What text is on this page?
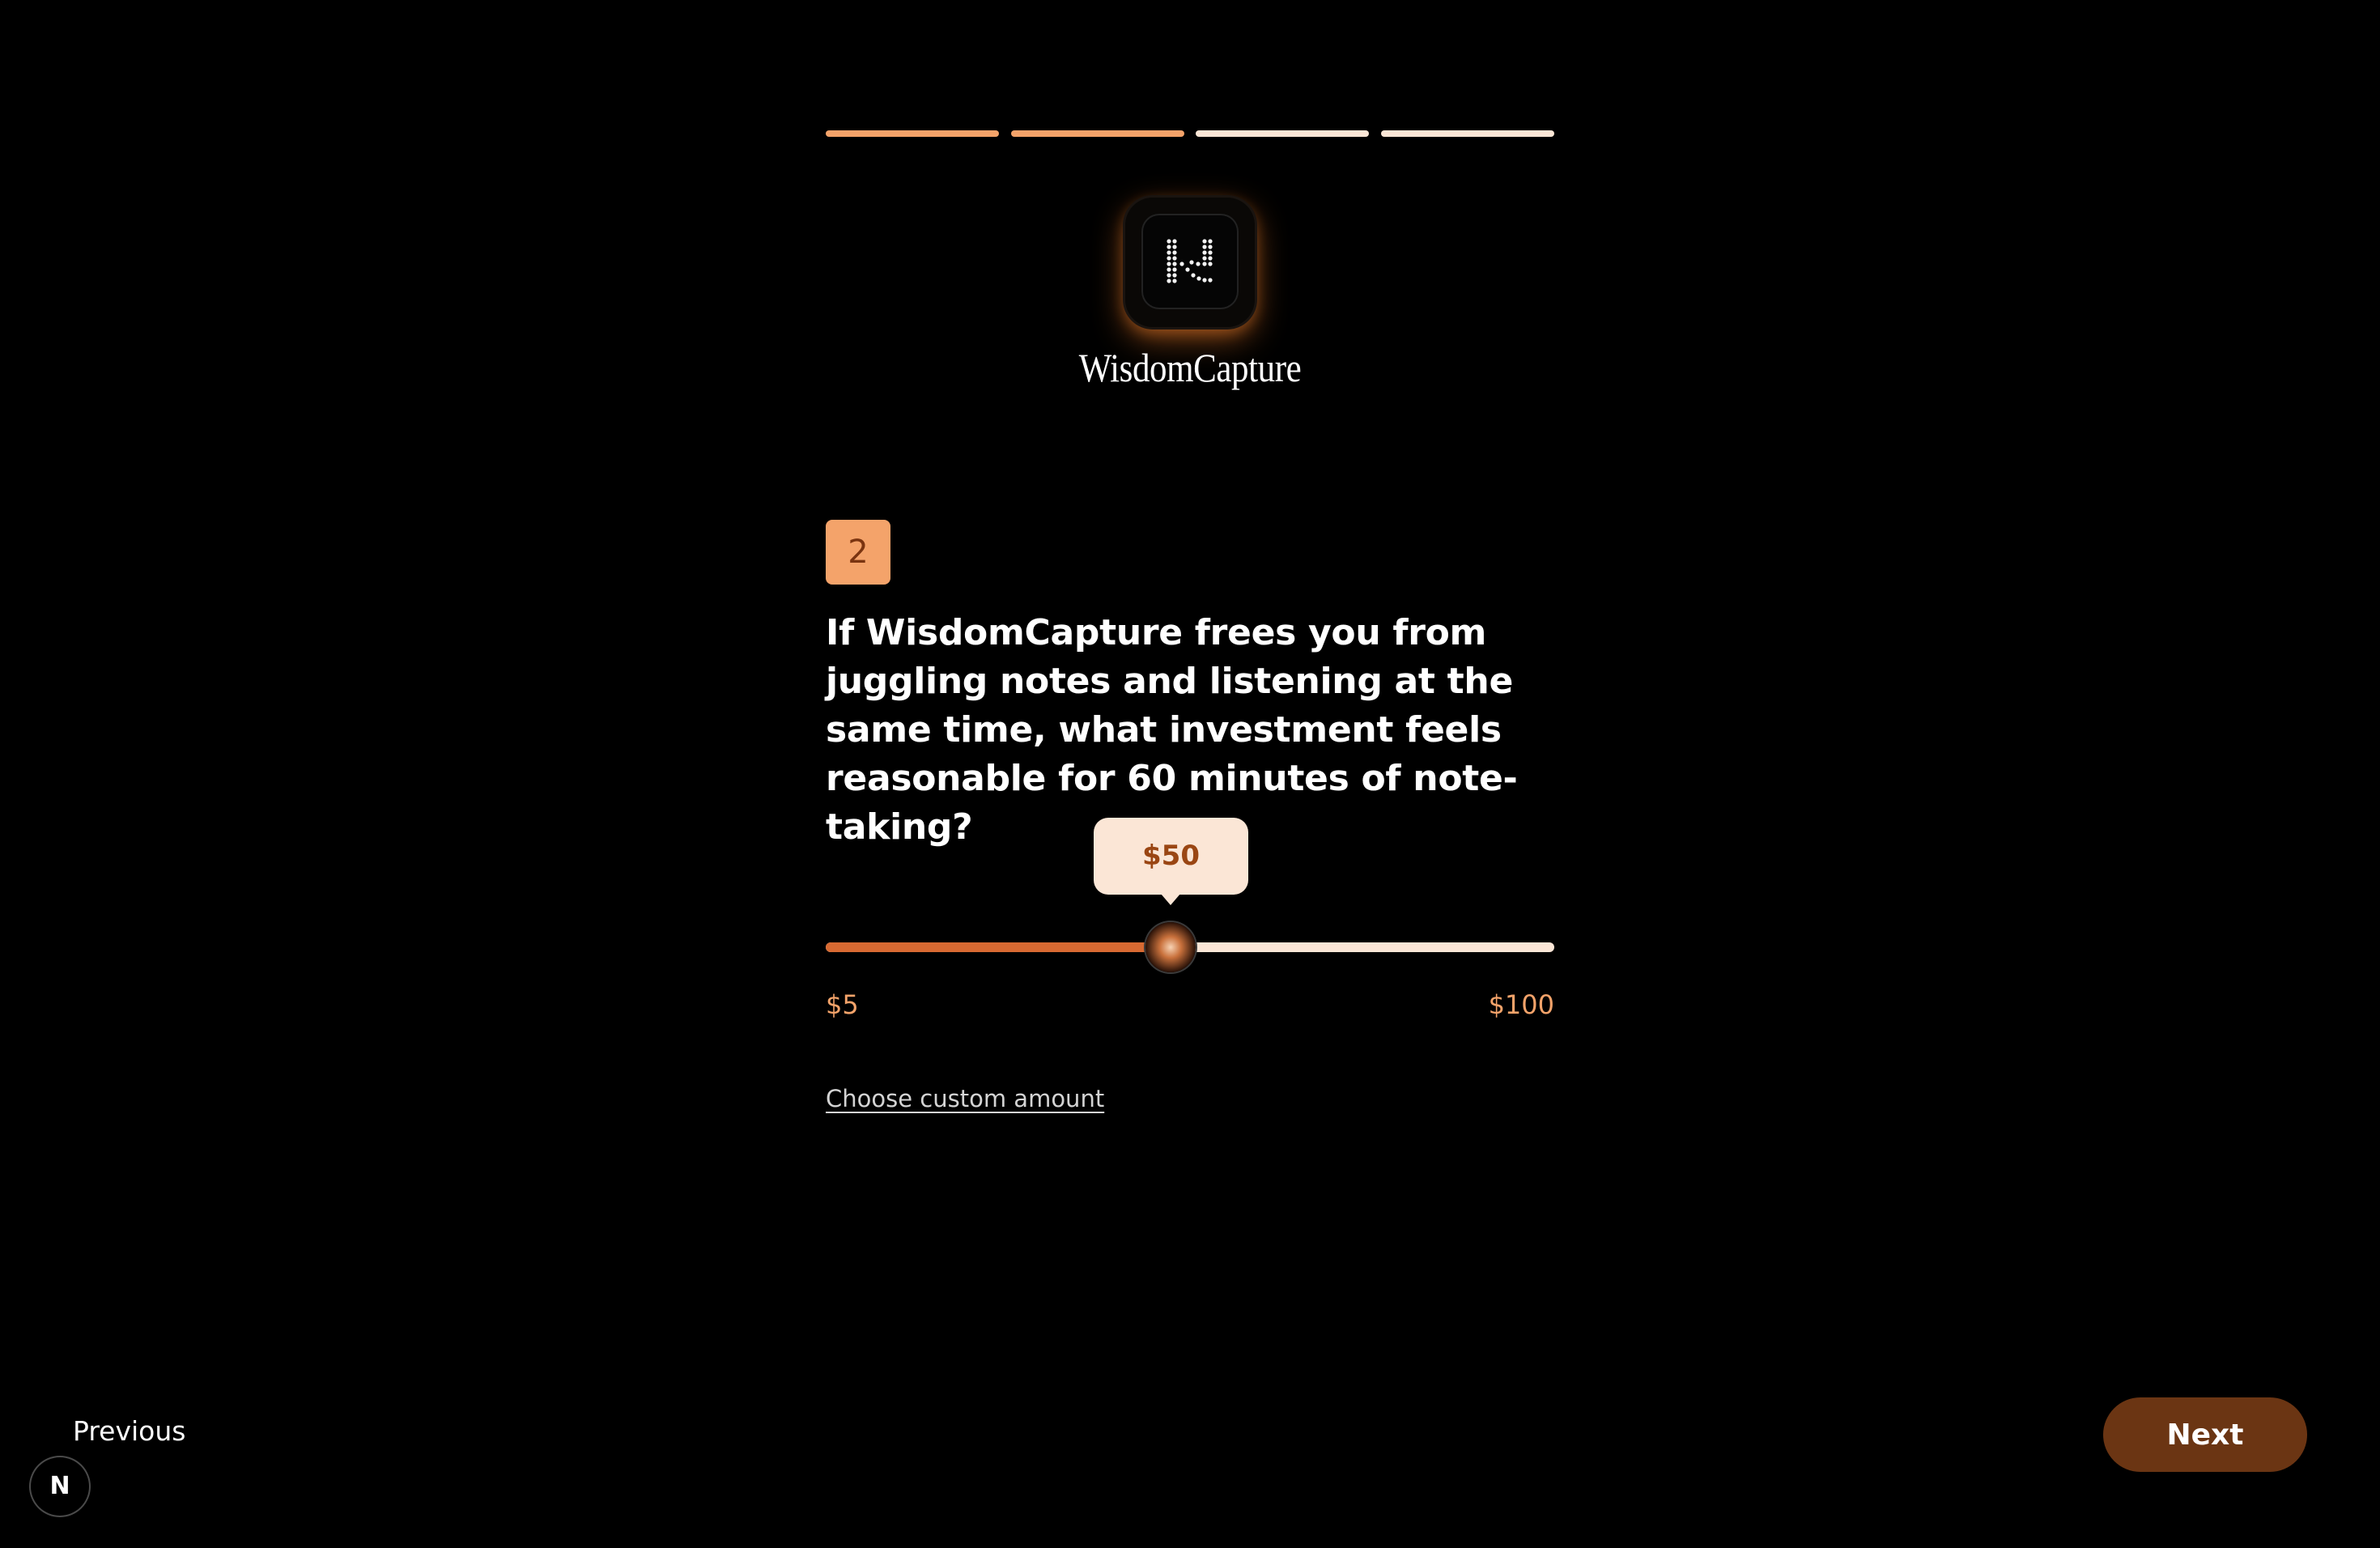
WisdomCapture
2
If WisdomCapture frees you from juggling notes and listening at the same time, what investment feels reasonable for 60 minutes of note-taking?
$50
$5	$100
Choose custom amount
Previous	Next
N
